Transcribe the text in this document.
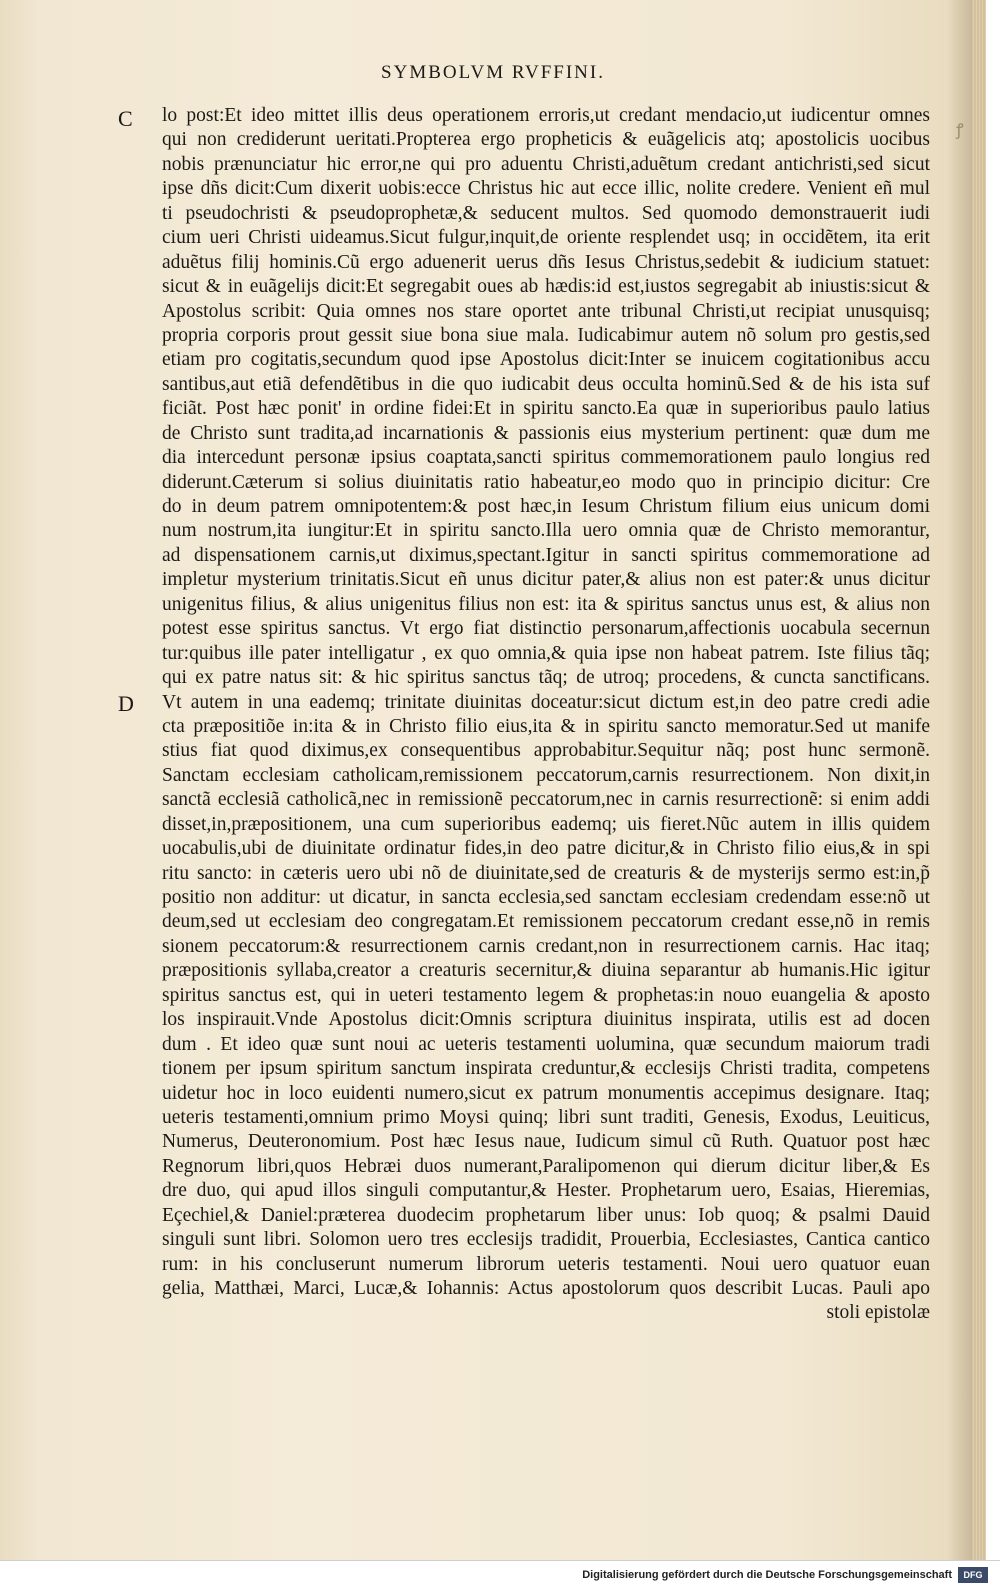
SYMBOLVM RVFFINI.
C
D
ꝭ
lo post:Et ideo mittet illis deus operationem erroris,ut credant mendacio,ut iudicentur omnes
qui non crediderunt ueritati.Propterea ergo propheticis & euãgelicis atq; apostolicis uocibus
nobis prænunciatur hic error,ne qui pro aduentu Christi,aduẽtum credant antichristi,sed sicut
ipse dñs dicit:Cum dixerit uobis:ecce Christus hic aut ecce illic, nolite credere. Venient eñ mul
ti pseudochristi & pseudoprophetæ,& seducent multos. Sed quomodo demonstrauerit iudi
cium ueri Christi uideamus.Sicut fulgur,inquit,de oriente resplendet usq; in occidẽtem, ita erit
aduẽtus filij hominis.Cũ ergo aduenerit uerus dñs Iesus Christus,sedebit & iudicium statuet:
sicut & in euãgelijs dicit:Et segregabit oues ab hædis:id est,iustos segregabit ab iniustis:sicut &
Apostolus scribit: Quia omnes nos stare oportet ante tribunal Christi,ut recipiat unusquisq;
propria corporis prout gessit siue bona siue mala. Iudicabimur autem nõ solum pro gestis,sed
etiam pro cogitatis,secundum quod ipse Apostolus dicit:Inter se inuicem cogitationibus accu
santibus,aut etiã defendẽtibus in die quo iudicabit deus occulta hominũ.Sed & de his ista suf
ficiãt. Post hæc ponit' in ordine fidei:Et in spiritu sancto.Ea quæ in superioribus paulo latius
de Christo sunt tradita,ad incarnationis & passionis eius mysterium pertinent: quæ dum me
dia intercedunt personæ ipsius coaptata,sancti spiritus commemorationem paulo longius red
diderunt.Cæterum si solius diuinitatis ratio habeatur,eo modo quo in principio dicitur: Cre
do in deum patrem omnipotentem:& post hæc,in Iesum Christum filium eius unicum domi
num nostrum,ita iungitur:Et in spiritu sancto.Illa uero omnia quæ de Christo memorantur,
ad dispensationem carnis,ut diximus,spectant.Igitur in sancti spiritus commemoratione ad
impletur mysterium trinitatis.Sicut eñ unus dicitur pater,& alius non est pater:& unus dicitur
unigenitus filius, & alius unigenitus filius non est: ita & spiritus sanctus unus est, & alius non
potest esse spiritus sanctus. Vt ergo fiat distinctio personarum,affectionis uocabula secernun
tur:quibus ille pater intelligatur , ex quo omnia,& quia ipse non habeat patrem. Iste filius tãq;
qui ex patre natus sit: & hic spiritus sanctus tãq; de utroq; procedens, & cuncta sanctificans.
Vt autem in una eademq; trinitate diuinitas doceatur:sicut dictum est,in deo patre credi adie
cta præpositiõe in:ita & in Christo filio eius,ita & in spiritu sancto memoratur.Sed ut manife
stius fiat quod diximus,ex consequentibus approbabitur.Sequitur nãq; post hunc sermonẽ.
Sanctam ecclesiam catholicam,remissionem peccatorum,carnis resurrectionem. Non dixit,in
sanctã ecclesiã catholicã,nec in remissionẽ peccatorum,nec in carnis resurrectionẽ: si enim addi
disset,in,præpositionem, una cum superioribus eademq; uis fieret.Nũc autem in illis quidem
uocabulis,ubi de diuinitate ordinatur fides,in deo patre dicitur,& in Christo filio eius,& in spi
ritu sancto: in cæteris uero ubi nõ de diuinitate,sed de creaturis & de mysterijs sermo est:in,p̃
positio non additur: ut dicatur, in sancta ecclesia,sed sanctam ecclesiam credendam esse:nõ ut
deum,sed ut ecclesiam deo congregatam.Et remissionem peccatorum credant esse,nõ in remis
sionem peccatorum:& resurrectionem carnis credant,non in resurrectionem carnis. Hac itaq;
præpositionis syllaba,creator a creaturis secernitur,& diuina separantur ab humanis.Hic igitur
spiritus sanctus est, qui in ueteri testamento legem & prophetas:in nouo euangelia & aposto
los inspirauit.Vnde Apostolus dicit:Omnis scriptura diuinitus inspirata, utilis est ad docen
dum . Et ideo quæ sunt noui ac ueteris testamenti uolumina, quæ secundum maiorum tradi
tionem per ipsum spiritum sanctum inspirata creduntur,& ecclesijs Christi tradita, competens
uidetur hoc in loco euidenti numero,sicut ex patrum monumentis accepimus designare. Itaq;
ueteris testamenti,omnium primo Moysi quinq; libri sunt traditi, Genesis, Exodus, Leuiticus,
Numerus, Deuteronomium. Post hæc Iesus naue, Iudicum simul cũ Ruth. Quatuor post hæc
Regnorum libri,quos Hebræi duos numerant,Paralipomenon qui dierum dicitur liber,& Es
dre duo, qui apud illos singuli computantur,& Hester. Prophetarum uero, Esaias, Hieremias,
Eçechiel,& Daniel:præterea duodecim prophetarum liber unus: Iob quoq; & psalmi Dauid
singuli sunt libri. Solomon uero tres ecclesijs tradidit, Prouerbia, Ecclesiastes, Cantica cantico
rum: in his concluserunt numerum librorum ueteris testamenti. Noui uero quatuor euan
gelia, Matthæi, Marci, Lucæ,& Iohannis: Actus apostolorum quos describit Lucas. Pauli apo
stoli epistolæ
Digitalisierung gefördert durch die Deutsche Forschungsgemeinschaft	DFG
